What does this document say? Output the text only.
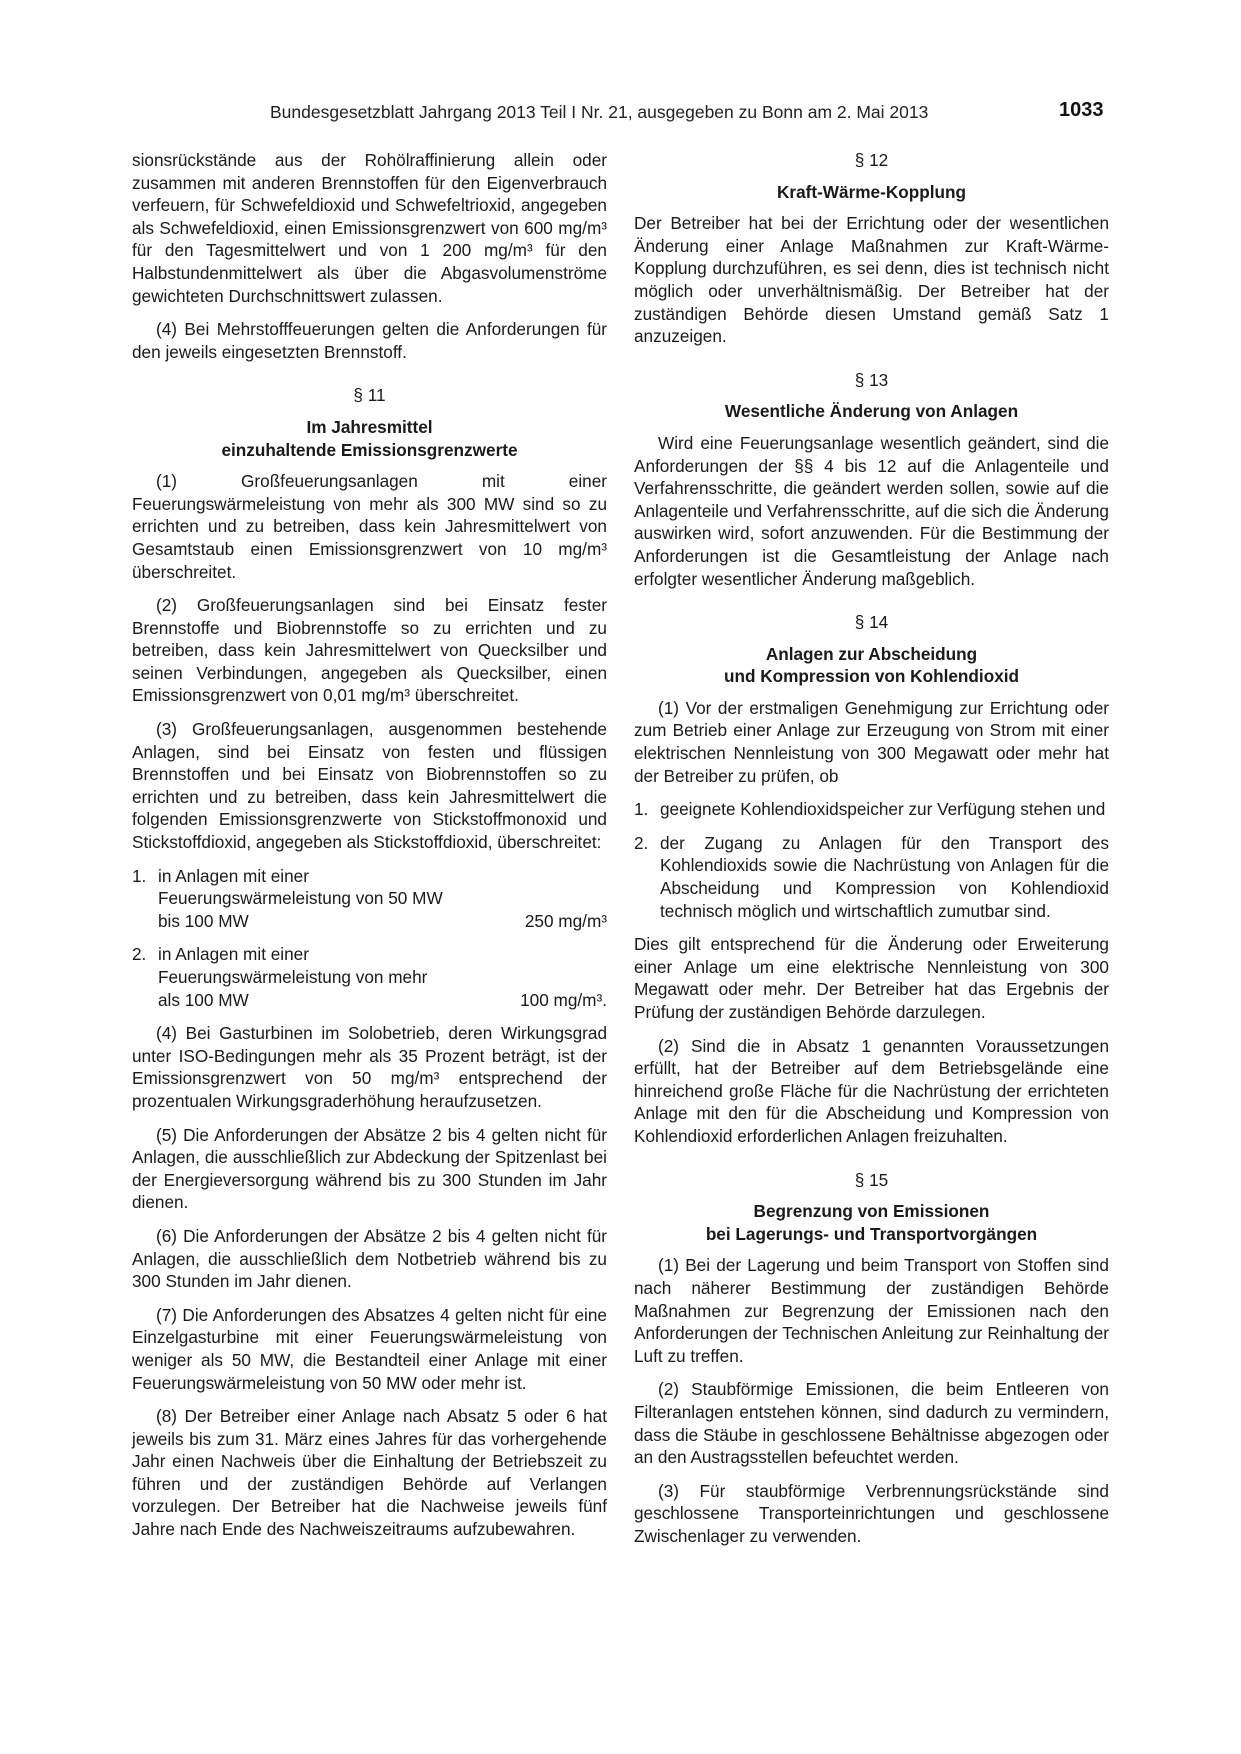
Bundesgesetzblatt Jahrgang 2013 Teil I Nr. 21, ausgegeben zu Bonn am 2. Mai 2013	1033

sionsrückstände aus der Rohölraffinierung allein oder zusammen mit anderen Brennstoffen für den Eigenverbrauch verfeuern, für Schwefeldioxid und Schwefeltrioxid, angegeben als Schwefeldioxid, einen Emissionsgrenzwert von 600 mg/m³ für den Tagesmittelwert und von 1 200 mg/m³ für den Halbstundenmittelwert als über die Abgasvolumenströme gewichteten Durchschnittswert zulassen.

(4) Bei Mehrstofffeuerungen gelten die Anforderungen für den jeweils eingesetzten Brennstoff.

§ 11
Im Jahresmittel
einzuhaltende Emissionsgrenzwerte

(1) Großfeuerungsanlagen mit einer Feuerungswärmeleistung von mehr als 300 MW sind so zu errichten und zu betreiben, dass kein Jahresmittelwert von Gesamtstaub einen Emissionsgrenzwert von 10 mg/m³ überschreitet.

(2) Großfeuerungsanlagen sind bei Einsatz fester Brennstoffe und Biobrennstoffe so zu errichten und zu betreiben, dass kein Jahresmittelwert von Quecksilber und seinen Verbindungen, angegeben als Quecksilber, einen Emissionsgrenzwert von 0,01 mg/m³ überschreitet.

(3) Großfeuerungsanlagen, ausgenommen bestehende Anlagen, sind bei Einsatz von festen und flüssigen Brennstoffen und bei Einsatz von Biobrennstoffen so zu errichten und zu betreiben, dass kein Jahresmittelwert die folgenden Emissionsgrenzwerte von Stickstoffmonoxid und Stickstoffdioxid, angegeben als Stickstoffdioxid, überschreitet:

1. in Anlagen mit einer Feuerungswärmeleistung von 50 MW bis 100 MW	250 mg/m³
2. in Anlagen mit einer Feuerungswärmeleistung von mehr als 100 MW	100 mg/m³.

(4) Bei Gasturbinen im Solobetrieb, deren Wirkungsgrad unter ISO-Bedingungen mehr als 35 Prozent beträgt, ist der Emissionsgrenzwert von 50 mg/m³ entsprechend der prozentualen Wirkungsgraderhöhung heraufzusetzen.

(5) Die Anforderungen der Absätze 2 bis 4 gelten nicht für Anlagen, die ausschließlich zur Abdeckung der Spitzenlast bei der Energieversorgung während bis zu 300 Stunden im Jahr dienen.

(6) Die Anforderungen der Absätze 2 bis 4 gelten nicht für Anlagen, die ausschließlich dem Notbetrieb während bis zu 300 Stunden im Jahr dienen.

(7) Die Anforderungen des Absatzes 4 gelten nicht für eine Einzelgasturbine mit einer Feuerungswärmeleistung von weniger als 50 MW, die Bestandteil einer Anlage mit einer Feuerungswärmeleistung von 50 MW oder mehr ist.

(8) Der Betreiber einer Anlage nach Absatz 5 oder 6 hat jeweils bis zum 31. März eines Jahres für das vorhergehende Jahr einen Nachweis über die Einhaltung der Betriebszeit zu führen und der zuständigen Behörde auf Verlangen vorzulegen. Der Betreiber hat die Nachweise jeweils fünf Jahre nach Ende des Nachweiszeitraums aufzubewahren.

§ 12
Kraft-Wärme-Kopplung

Der Betreiber hat bei der Errichtung oder der wesentlichen Änderung einer Anlage Maßnahmen zur Kraft-Wärme-Kopplung durchzuführen, es sei denn, dies ist technisch nicht möglich oder unverhältnismäßig. Der Betreiber hat der zuständigen Behörde diesen Umstand gemäß Satz 1 anzuzeigen.

§ 13
Wesentliche Änderung von Anlagen

Wird eine Feuerungsanlage wesentlich geändert, sind die Anforderungen der §§ 4 bis 12 auf die Anlagenteile und Verfahrensschritte, die geändert werden sollen, sowie auf die Anlagenteile und Verfahrensschritte, auf die sich die Änderung auswirken wird, sofort anzuwenden. Für die Bestimmung der Anforderungen ist die Gesamtleistung der Anlage nach erfolgter wesentlicher Änderung maßgeblich.

§ 14
Anlagen zur Abscheidung
und Kompression von Kohlendioxid

(1) Vor der erstmaligen Genehmigung zur Errichtung oder zum Betrieb einer Anlage zur Erzeugung von Strom mit einer elektrischen Nennleistung von 300 Megawatt oder mehr hat der Betreiber zu prüfen, ob

1. geeignete Kohlendioxidspeicher zur Verfügung stehen und
2. der Zugang zu Anlagen für den Transport des Kohlendioxids sowie die Nachrüstung von Anlagen für die Abscheidung und Kompression von Kohlendioxid technisch möglich und wirtschaftlich zumutbar sind.

Dies gilt entsprechend für die Änderung oder Erweiterung einer Anlage um eine elektrische Nennleistung von 300 Megawatt oder mehr. Der Betreiber hat das Ergebnis der Prüfung der zuständigen Behörde darzulegen.

(2) Sind die in Absatz 1 genannten Voraussetzungen erfüllt, hat der Betreiber auf dem Betriebsgelände eine hinreichend große Fläche für die Nachrüstung der errichteten Anlage mit den für die Abscheidung und Kompression von Kohlendioxid erforderlichen Anlagen freizuhalten.

§ 15
Begrenzung von Emissionen
bei Lagerungs- und Transportvorgängen

(1) Bei der Lagerung und beim Transport von Stoffen sind nach näherer Bestimmung der zuständigen Behörde Maßnahmen zur Begrenzung der Emissionen nach den Anforderungen der Technischen Anleitung zur Reinhaltung der Luft zu treffen.

(2) Staubförmige Emissionen, die beim Entleeren von Filteranlagen entstehen können, sind dadurch zu vermindern, dass die Stäube in geschlossene Behältnisse abgezogen oder an den Austragsstellen befeuchtet werden.

(3) Für staubförmige Verbrennungsrückstände sind geschlossene Transporteinrichtungen und geschlossene Zwischenlager zu verwenden.
